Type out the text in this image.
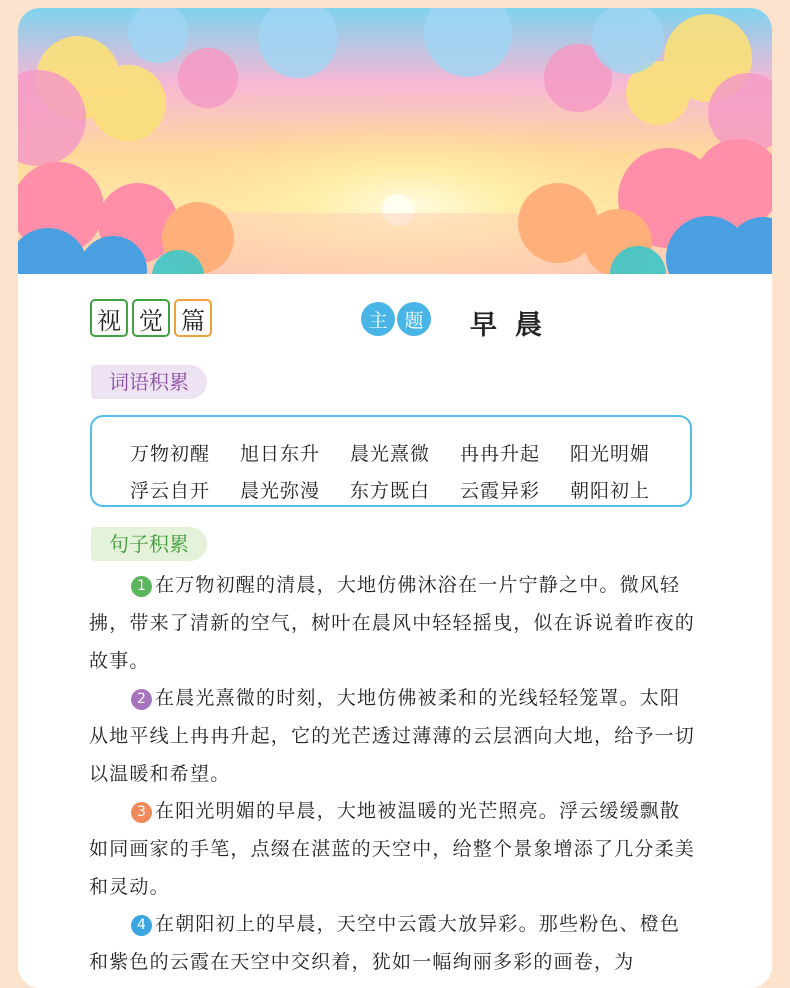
视 觉 篇	主 题 早晨
词语积累
万物初醒	旭日东升	晨光熹微	冉冉升起	阳光明媚
浮云自开	晨光弥漫	东方既白	云霞异彩	朝阳初上
句子积累

1 在万物初醒的清晨，大地仿佛沐浴在一片宁静之中。微风轻拂，带来了清新的空气，树叶在晨风中轻轻摇曳，似在诉说着昨夜的故事。

2 在晨光熹微的时刻，大地仿佛被柔和的光线轻轻笼罩。太阳从地平线上冉冉升起，它的光芒透过薄薄的云层洒向大地，给予一切以温暖和希望。

3 在阳光明媚的早晨，大地被温暖的光芒照亮。浮云缓缓飘散如同画家的手笔，点缀在湛蓝的天空中，给整个景象增添了几分柔美和灵动。

4 在朝阳初上的早晨，天空中云霞大放异彩。那些粉色、橙色和紫色的云霞在天空中交织着，犹如一幅绚丽多彩的画卷，为
